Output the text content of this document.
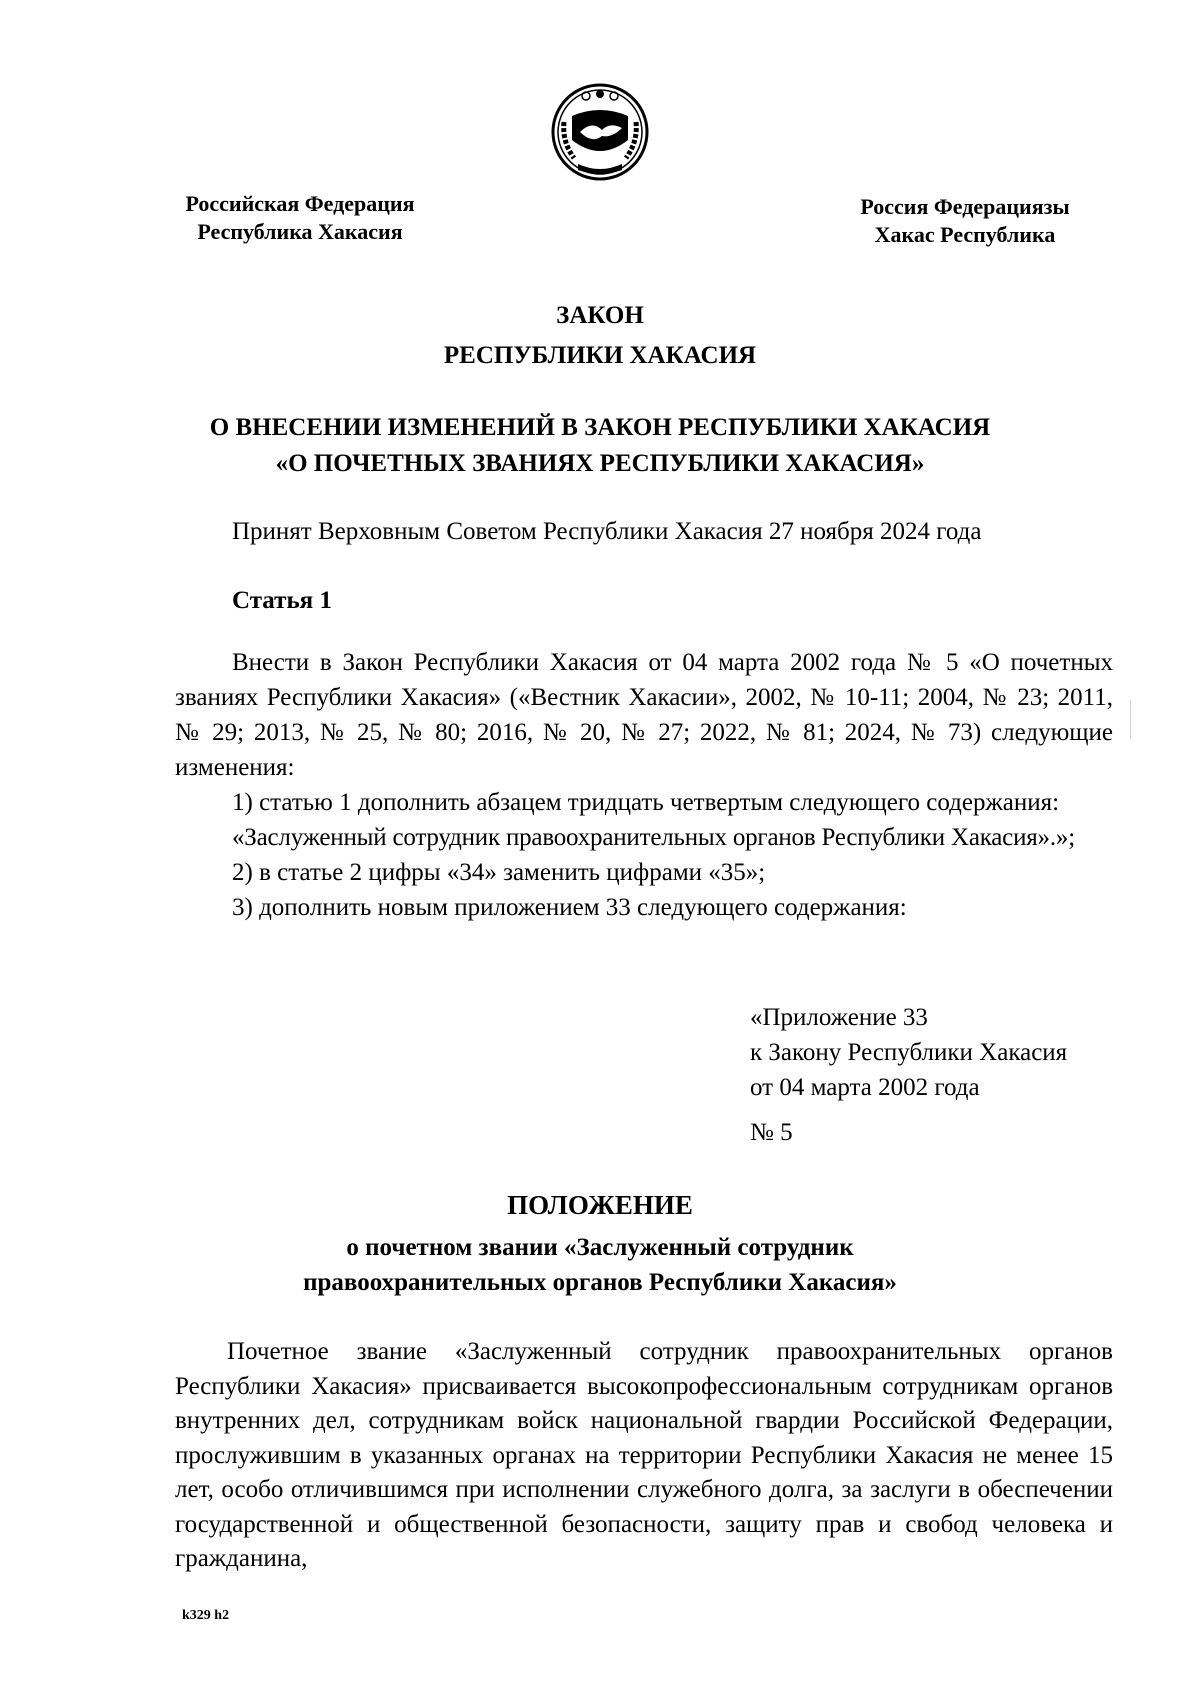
Российская Федерация
Республика Хакасия
Россия Федерациязы
Хакас Республика
ЗАКОН
РЕСПУБЛИКИ ХАКАСИЯ
О ВНЕСЕНИИ ИЗМЕНЕНИЙ В ЗАКОН РЕСПУБЛИКИ ХАКАСИЯ
«О ПОЧЕТНЫХ ЗВАНИЯХ РЕСПУБЛИКИ ХАКАСИЯ»
Принят Верховным Советом Республики Хакасия 27 ноября 2024 года
Статья 1

Внести в Закон Республики Хакасия от 04 марта 2002 года № 5 «О почетных званиях Республики Хакасия» («Вестник Хакасии», 2002, № 10-11; 2004, № 23; 2011, № 29; 2013, № 25, № 80; 2016, № 20, № 27; 2022, № 81; 2024, № 73) следующие изменения:

1) статью 1 дополнить абзацем тридцать четвертым следующего содержания:

«Заслуженный сотрудник правоохранительных органов Республики Хакасия».»;

2) в статье 2 цифры «34» заменить цифрами «35»;

3) дополнить новым приложением 33 следующего содержания:

«Приложение 33
к Закону Республики Хакасия
от 04 марта 2002 года
№ 5
ПОЛОЖЕНИЕ
о почетном звании «Заслуженный сотрудник
правоохранительных органов Республики Хакасия»

Почетное звание «Заслуженный сотрудник правоохранительных органов Республики Хакасия» присваивается высокопрофессиональным сотрудникам органов внутренних дел, сотрудникам войск национальной гвардии Российской Федерации, прослужившим в указанных органах на территории Республики Хакасия не менее 15 лет, особо отличившимся при исполнении служебного долга, за заслуги в обеспечении государственной и общественной безопасности, защиту прав и свобод человека и гражданина,

k329 h2
